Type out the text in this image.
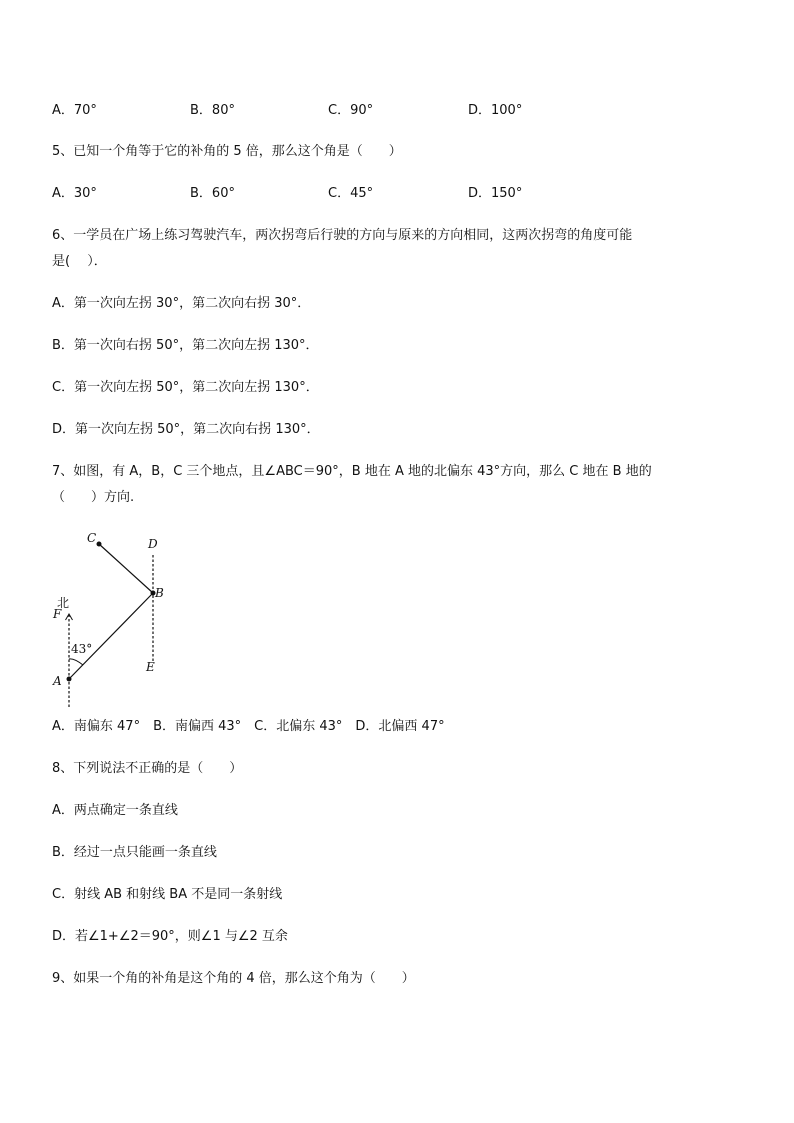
A．70°	B．80°	C．90°	D．100°
5、已知一个角等于它的补角的 5 倍，那么这个角是（　　）
A．30°	B．60°	C．45°	D．150°
6、一学员在广场上练习驾驶汽车，两次拐弯后行驶的方向与原来的方向相同，这两次拐弯的角度可能
是(　 ）．
A．第一次向左拐 30°，第二次向右拐 30°．
B．第一次向右拐 50°，第二次向左拐 130°．
C．第一次向左拐 50°，第二次向左拐 130°．
D．第一次向左拐 50°，第二次向右拐 130°．
7、如图，有 A，B，C 三个地点，且∠ABC＝90°，B 地在 A 地的北偏东 43°方向，那么 C 地在 B 地的
（　　）方向.
C	D
B
北
F
43°
A
E
A．南偏东 47°　B．南偏西 43°　C．北偏东 43°　D．北偏西 47°
8、下列说法不正确的是（　　）
A．两点确定一条直线
B．经过一点只能画一条直线
C．射线 AB 和射线 BA 不是同一条射线
D．若∠1+∠2＝90°，则∠1 与∠2 互余
9、如果一个角的补角是这个角的 4 倍，那么这个角为（　　）
